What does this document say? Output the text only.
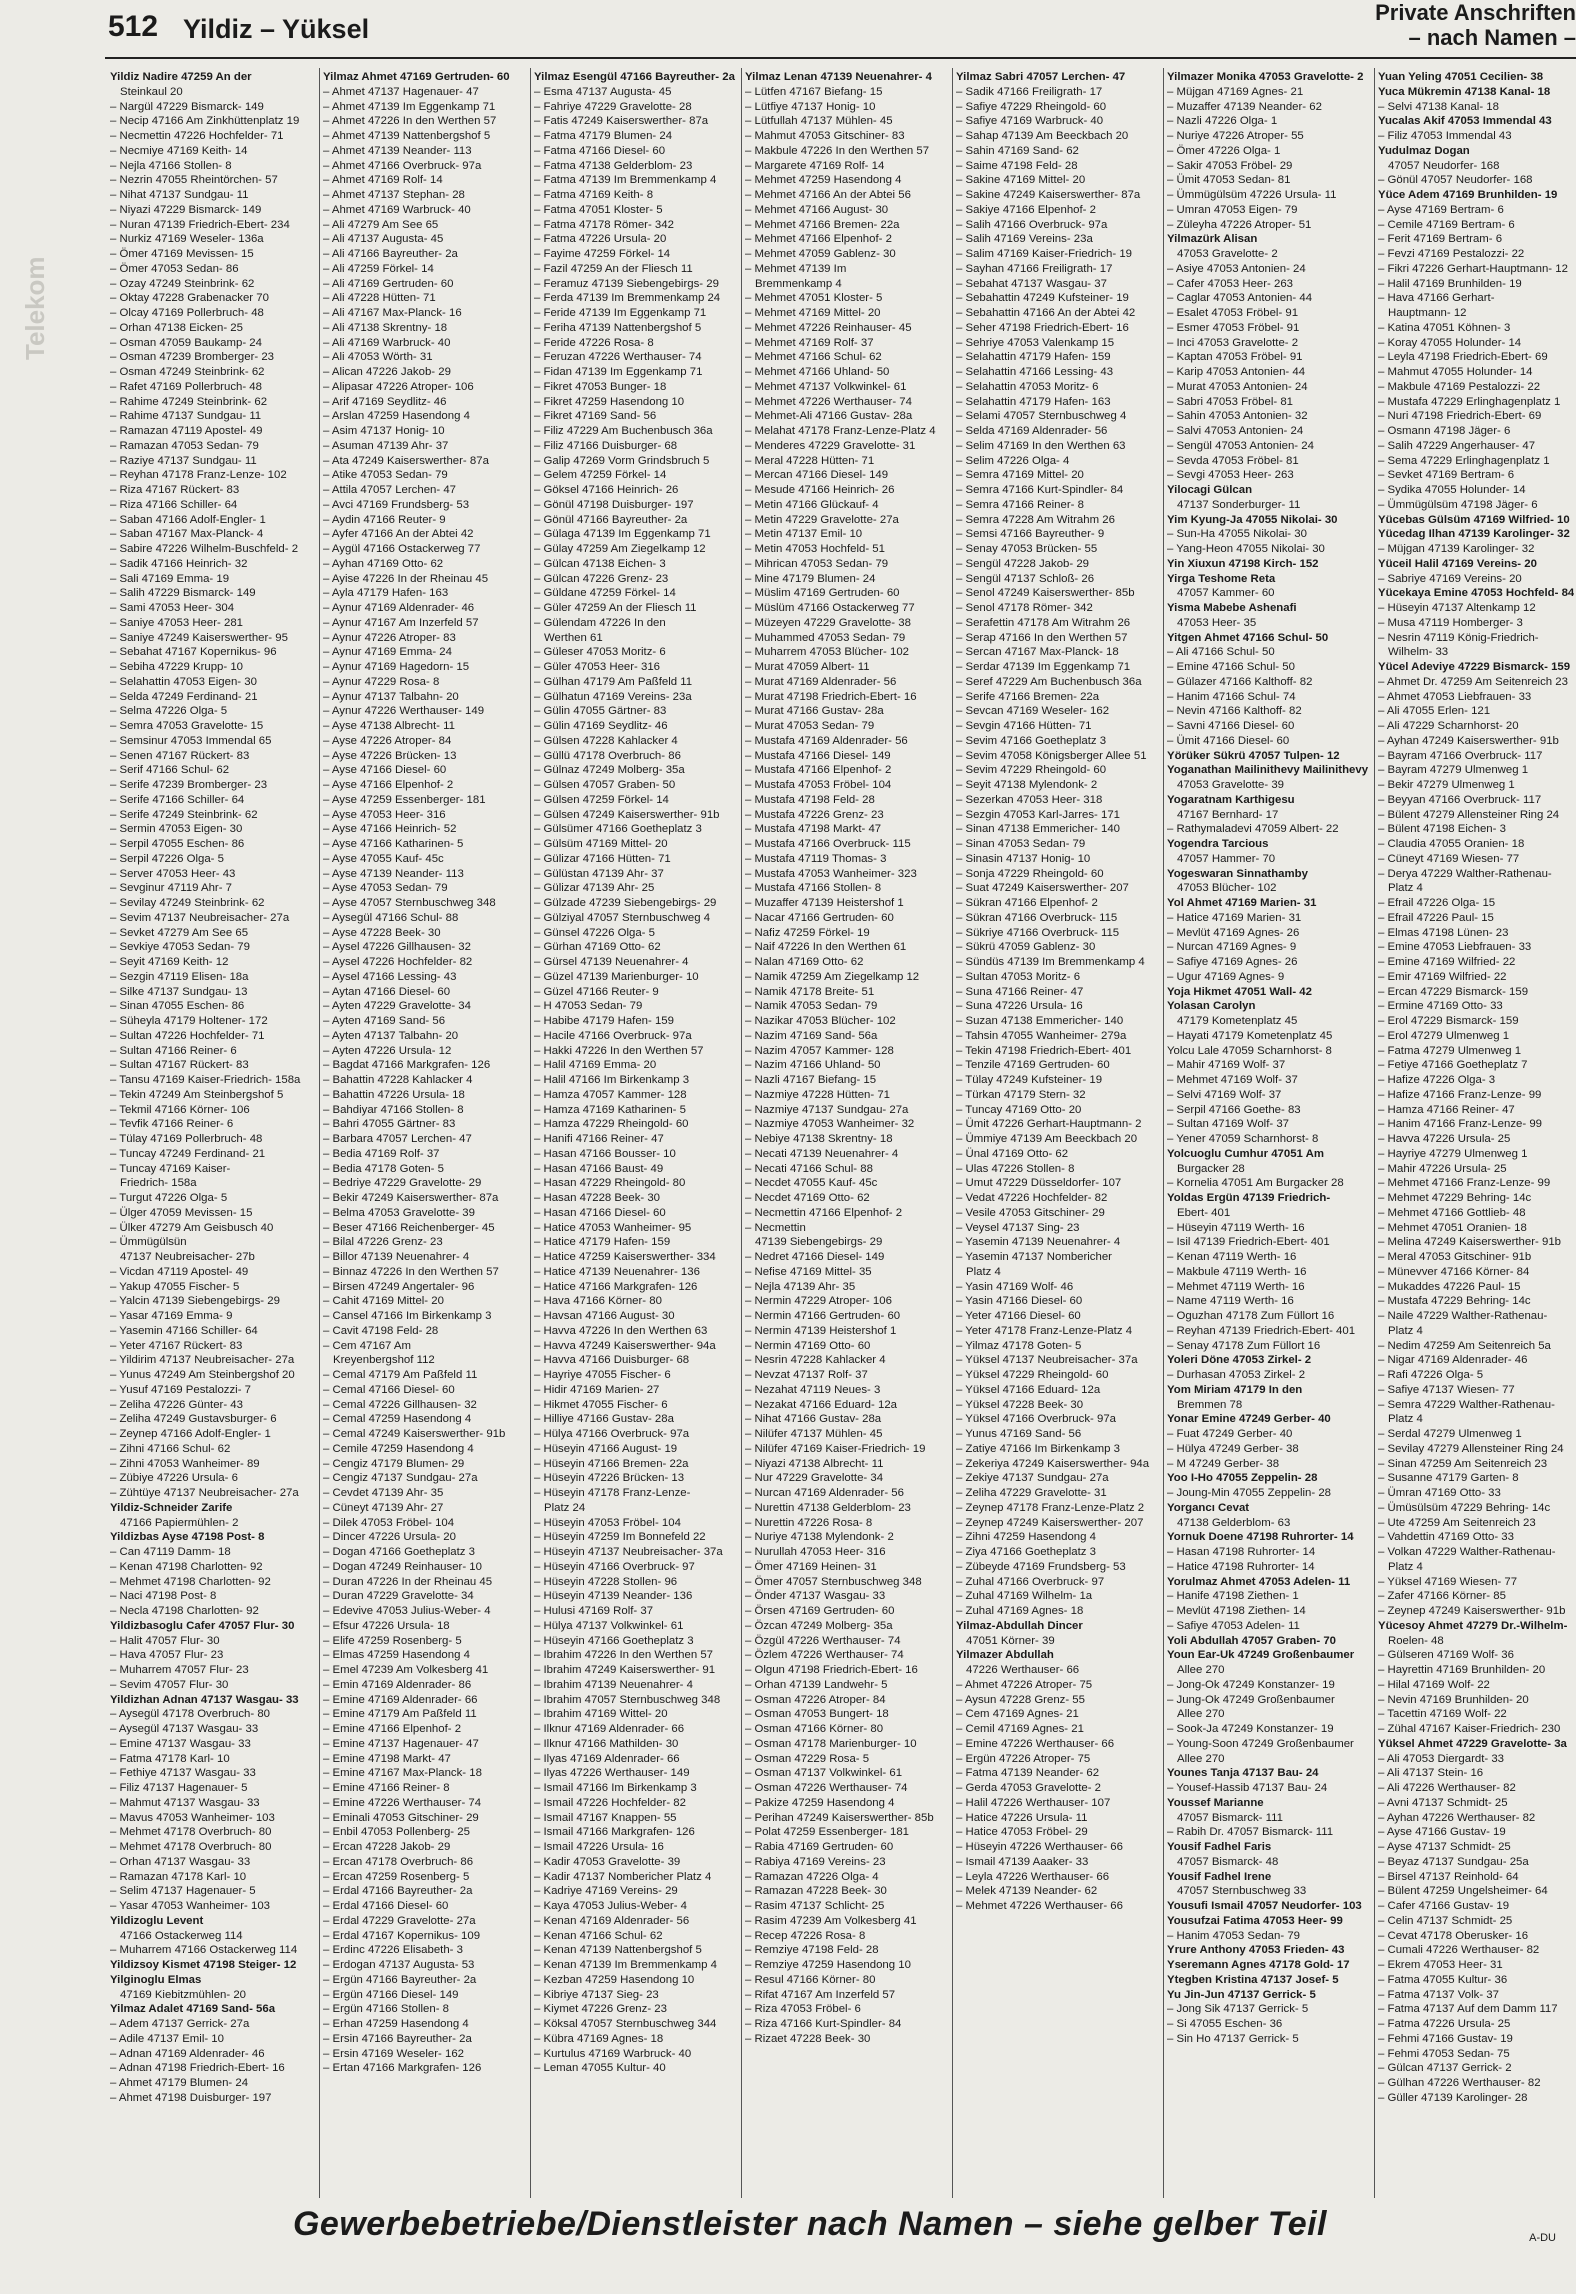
Telekom
512 Yildiz – Yüksel
Private Anschriften
– nach Namen –
Yildiz Nadire 47259 An der
Steinkaul 20
– Nargül 47229 Bismarck- 149
– Necip 47166 Am Zinkhüttenplatz 19
– Necmettin 47226 Hochfelder- 71
– Necmiye 47169 Keith- 14
– Nejla 47166 Stollen- 8
– Nezrin 47055 Rheintörchen- 57
– Nihat 47137 Sundgau- 11
– Niyazi 47229 Bismarck- 149
– Nuran 47139 Friedrich-Ebert- 234
– Nurkiz 47169 Weseler- 136a
– Ömer 47169 Mevissen- 15
– Ömer 47053 Sedan- 86
– Ozay 47249 Steinbrink- 62
– Oktay 47228 Grabenacker 70
– Olcay 47169 Pollerbruch- 48
– Orhan 47138 Eicken- 25
– Osman 47059 Baukamp- 24
– Osman 47239 Bromberger- 23
– Osman 47249 Steinbrink- 62
– Rafet 47169 Pollerbruch- 48
– Rahime 47249 Steinbrink- 62
– Rahime 47137 Sundgau- 11
– Ramazan 47119 Apostel- 49
– Ramazan 47053 Sedan- 79
– Raziye 47137 Sundgau- 11
– Reyhan 47178 Franz-Lenze- 102
– Riza 47167 Rückert- 83
– Riza 47166 Schiller- 64
– Saban 47166 Adolf-Engler- 1
– Saban 47167 Max-Planck- 4
– Sabire 47226 Wilhelm-Buschfeld- 2
– Sadik 47166 Heinrich- 32
– Sali 47169 Emma- 19
– Salih 47229 Bismarck- 149
– Sami 47053 Heer- 304
– Saniye 47053 Heer- 281
– Saniye 47249 Kaiserswerther- 95
– Sebahat 47167 Kopernikus- 96
– Sebiha 47229 Krupp- 10
– Selahattin 47053 Eigen- 30
– Selda 47249 Ferdinand- 21
– Selma 47226 Olga- 5
– Semra 47053 Gravelotte- 15
– Semsinur 47053 Immendal 65
– Senen 47167 Rückert- 83
– Serif 47166 Schul- 62
– Serife 47239 Bromberger- 23
– Serife 47166 Schiller- 64
– Serife 47249 Steinbrink- 62
– Sermin 47053 Eigen- 30
– Serpil 47055 Eschen- 86
– Serpil 47226 Olga- 5
– Server 47053 Heer- 43
– Sevginur 47119 Ahr- 7
– Sevilay 47249 Steinbrink- 62
– Sevim 47137 Neubreisacher- 27a
– Sevket 47279 Am See 65
– Sevkiye 47053 Sedan- 79
– Seyit 47169 Keith- 12
– Sezgin 47119 Elisen- 18a
– Silke 47137 Sundgau- 13
– Sinan 47055 Eschen- 86
– Süheyla 47179 Holtener- 172
– Sultan 47226 Hochfelder- 71
– Sultan 47166 Reiner- 6
– Sultan 47167 Rückert- 83
– Tansu 47169 Kaiser-Friedrich- 158a
– Tekin 47249 Am Steinbergshof 5
– Tekmil 47166 Körner- 106
– Tevfik 47166 Reiner- 6
– Tülay 47169 Pollerbruch- 48
– Tuncay 47249 Ferdinand- 21
– Tuncay 47169 Kaiser-
Friedrich- 158a
– Turgut 47226 Olga- 5
– Ülger 47059 Mevissen- 15
– Ülker 47279 Am Geisbusch 40
– Ümmügülsün
47137 Neubreisacher- 27b
– Vicdan 47119 Apostel- 49
– Yakup 47055 Fischer- 5
– Yalcin 47139 Siebengebirgs- 29
– Yasar 47169 Emma- 9
– Yasemin 47166 Schiller- 64
– Yeter 47167 Rückert- 83
– Yildirim 47137 Neubreisacher- 27a
– Yunus 47249 Am Steinbergshof 20
– Yusuf 47169 Pestalozzi- 7
– Zeliha 47226 Günter- 43
– Zeliha 47249 Gustavsburger- 6
– Zeynep 47166 Adolf-Engler- 1
– Zihni 47166 Schul- 62
– Zihni 47053 Wanheimer- 89
– Zübiye 47226 Ursula- 6
– Zühtüye 47137 Neubreisacher- 27a
Yildiz-Schneider Zarife
47166 Papiermühlen- 2
Yildizbas Ayse 47198 Post- 8
– Can 47119 Damm- 18
– Kenan 47198 Charlotten- 92
– Mehmet 47198 Charlotten- 92
– Naci 47198 Post- 8
– Necla 47198 Charlotten- 92
Yildizbasoglu Cafer 47057 Flur- 30
– Halit 47057 Flur- 30
– Hava 47057 Flur- 23
– Muharrem 47057 Flur- 23
– Sevim 47057 Flur- 30
Yildizhan Adnan 47137 Wasgau- 33
– Aysegül 47178 Overbruch- 80
– Aysegül 47137 Wasgau- 33
– Emine 47137 Wasgau- 33
– Fatma 47178 Karl- 10
– Fethiye 47137 Wasgau- 33
– Filiz 47137 Hagenauer- 5
– Mahmut 47137 Wasgau- 33
– Mavus 47053 Wanheimer- 103
– Mehmet 47178 Overbruch- 80
– Mehmet 47178 Overbruch- 80
– Orhan 47137 Wasgau- 33
– Ramazan 47178 Karl- 10
– Selim 47137 Hagenauer- 5
– Yasar 47053 Wanheimer- 103
Yildizoglu Levent
47166 Ostackerweg 114
– Muharrem 47166 Ostackerweg 114
Yildizsoy Kismet 47198 Steiger- 12
Yilginoglu Elmas
47169 Kiebitzmühlen- 20
Yilmaz Adalet 47169 Sand- 56a
– Adem 47137 Gerrick- 27a
– Adile 47137 Emil- 10
– Adnan 47169 Aldenrader- 46
– Adnan 47198 Friedrich-Ebert- 16
– Ahmet 47179 Blumen- 24
– Ahmet 47198 Duisburger- 197
Yilmaz Ahmet 47169 Gertruden- 60
– Ahmet 47137 Hagenauer- 47
– Ahmet 47139 Im Eggenkamp 71
– Ahmet 47226 In den Werthen 57
– Ahmet 47139 Nattenbergshof 5
– Ahmet 47139 Neander- 113
– Ahmet 47166 Overbruck- 97a
– Ahmet 47169 Rolf- 14
– Ahmet 47137 Stephan- 28
– Ahmet 47169 Warbruck- 40
– Ali 47279 Am See 65
– Ali 47137 Augusta- 45
– Ali 47166 Bayreuther- 2a
– Ali 47259 Förkel- 14
– Ali 47169 Gertruden- 60
– Ali 47228 Hütten- 71
– Ali 47167 Max-Planck- 16
– Ali 47138 Skrentny- 18
– Ali 47169 Warbruck- 40
– Ali 47053 Wörth- 31
– Alican 47226 Jakob- 29
– Alipasar 47226 Atroper- 106
– Arif 47169 Seydlitz- 46
– Arslan 47259 Hasendong 4
– Asim 47137 Honig- 10
– Asuman 47139 Ahr- 37
– Ata 47249 Kaiserswerther- 87a
– Atike 47053 Sedan- 79
– Attila 47057 Lerchen- 47
– Avci 47169 Frundsberg- 53
– Aydin 47166 Reuter- 9
– Ayfer 47166 An der Abtei 42
– Aygül 47166 Ostackerweg 77
– Ayhan 47169 Otto- 62
– Ayise 47226 In der Rheinau 45
– Ayla 47179 Hafen- 163
– Aynur 47169 Aldenrader- 46
– Aynur 47167 Am Inzerfeld 57
– Aynur 47226 Atroper- 83
– Aynur 47169 Emma- 24
– Aynur 47169 Hagedorn- 15
– Aynur 47229 Rosa- 8
– Aynur 47137 Talbahn- 20
– Aynur 47226 Werthauser- 149
– Ayse 47138 Albrecht- 11
– Ayse 47226 Atroper- 84
– Ayse 47226 Brücken- 13
– Ayse 47166 Diesel- 60
– Ayse 47166 Elpenhof- 2
– Ayse 47259 Essenberger- 181
– Ayse 47053 Heer- 316
– Ayse 47166 Heinrich- 52
– Ayse 47166 Katharinen- 5
– Ayse 47055 Kauf- 45c
– Ayse 47139 Neander- 113
– Ayse 47053 Sedan- 79
– Ayse 47057 Sternbuschweg 348
– Aysegül 47166 Schul- 88
– Ayse 47228 Beek- 30
– Aysel 47226 Gillhausen- 32
– Aysel 47226 Hochfelder- 82
– Aysel 47166 Lessing- 43
– Aytan 47166 Diesel- 60
– Ayten 47229 Gravelotte- 34
– Ayten 47169 Sand- 56
– Ayten 47137 Talbahn- 20
– Ayten 47226 Ursula- 12
– Bagdat 47166 Markgrafen- 126
– Bahattin 47228 Kahlacker 4
– Bahattin 47226 Ursula- 18
– Bahdiyar 47166 Stollen- 8
– Bahri 47055 Gärtner- 83
– Barbara 47057 Lerchen- 47
– Bedia 47169 Rolf- 37
– Bedia 47178 Goten- 5
– Bedriye 47229 Gravelotte- 29
– Bekir 47249 Kaiserswerther- 87a
– Belma 47053 Gravelotte- 39
– Beser 47166 Reichenberger- 45
– Bilal 47226 Grenz- 23
– Billor 47139 Neuenahrer- 4
– Binnaz 47226 In den Werthen 57
– Birsen 47249 Angertaler- 96
– Cahit 47169 Mittel- 20
– Cansel 47166 Im Birkenkamp 3
– Cavit 47198 Feld- 28
– Cem 47167 Am
Kreyenbergshof 112
– Cemal 47179 Am Paßfeld 11
– Cemal 47166 Diesel- 60
– Cemal 47226 Gillhausen- 32
– Cemal 47259 Hasendong 4
– Cemal 47249 Kaiserswerther- 91b
– Cemile 47259 Hasendong 4
– Cengiz 47179 Blumen- 29
– Cengiz 47137 Sundgau- 27a
– Cevdet 47139 Ahr- 35
– Cüneyt 47139 Ahr- 27
– Dilek 47053 Fröbel- 104
– Dincer 47226 Ursula- 20
– Dogan 47166 Goetheplatz 3
– Dogan 47249 Reinhauser- 10
– Duran 47226 In der Rheinau 45
– Duran 47229 Gravelotte- 34
– Edevive 47053 Julius-Weber- 4
– Efsur 47226 Ursula- 18
– Elife 47259 Rosenberg- 5
– Elmas 47259 Hasendong 4
– Emel 47239 Am Volkesberg 41
– Emin 47169 Aldenrader- 86
– Emine 47169 Aldenrader- 66
– Emine 47179 Am Paßfeld 11
– Emine 47166 Elpenhof- 2
– Emine 47137 Hagenauer- 47
– Emine 47198 Markt- 47
– Emine 47167 Max-Planck- 18
– Emine 47166 Reiner- 8
– Emine 47226 Werthauser- 74
– Eminali 47053 Gitschiner- 29
– Enbil 47053 Pollenberg- 25
– Ercan 47228 Jakob- 29
– Ercan 47178 Overbruch- 86
– Ercan 47259 Rosenberg- 5
– Erdal 47166 Bayreuther- 2a
– Erdal 47166 Diesel- 60
– Erdal 47229 Gravelotte- 27a
– Erdal 47167 Kopernikus- 109
– Erdinc 47226 Elisabeth- 3
– Erdogan 47137 Augusta- 53
– Ergün 47166 Bayreuther- 2a
– Ergün 47166 Diesel- 149
– Ergün 47166 Stollen- 8
– Erhan 47259 Hasendong 4
– Ersin 47166 Bayreuther- 2a
– Ersin 47169 Weseler- 162
– Ertan 47166 Markgrafen- 126
Yilmaz Esengül 47166 Bayreuther- 2a
– Esma 47137 Augusta- 45
– Fahriye 47229 Gravelotte- 28
– Fatis 47249 Kaiserswerther- 87a
– Fatma 47179 Blumen- 24
– Fatma 47166 Diesel- 60
– Fatma 47138 Gelderblom- 23
– Fatma 47139 Im Bremmenkamp 4
– Fatma 47169 Keith- 8
– Fatma 47051 Kloster- 5
– Fatma 47178 Römer- 342
– Fatma 47226 Ursula- 20
– Fayime 47259 Förkel- 14
– Fazil 47259 An der Fliesch 11
– Feramuz 47139 Siebengebirgs- 29
– Ferda 47139 Im Bremmenkamp 24
– Feride 47139 Im Eggenkamp 71
– Feriha 47139 Nattenbergshof 5
– Feride 47226 Rosa- 8
– Feruzan 47226 Werthauser- 74
– Fidan 47139 Im Eggenkamp 71
– Fikret 47053 Bunger- 18
– Fikret 47259 Hasendong 10
– Fikret 47169 Sand- 56
– Filiz 47229 Am Buchenbusch 36a
– Filiz 47166 Duisburger- 68
– Galip 47269 Vorm Grindsbruch 5
– Gelem 47259 Förkel- 14
– Göksel 47166 Heinrich- 26
– Gönül 47198 Duisburger- 197
– Gönül 47166 Bayreuther- 2a
– Gülaga 47139 Im Eggenkamp 71
– Gülay 47259 Am Ziegelkamp 12
– Gülcan 47138 Eichen- 3
– Gülcan 47226 Grenz- 23
– Güldane 47259 Förkel- 14
– Güler 47259 An der Fliesch 11
– Gülendam 47226 In den
Werthen 61
– Güleser 47053 Moritz- 6
– Güler 47053 Heer- 316
– Gülhan 47179 Am Paßfeld 11
– Gülhatun 47169 Vereins- 23a
– Gülin 47055 Gärtner- 83
– Gülin 47169 Seydlitz- 46
– Gülsen 47228 Kahlacker 4
– Güllü 47178 Overbruch- 86
– Gülnaz 47249 Molberg- 35a
– Gülsen 47057 Graben- 50
– Gülsen 47259 Förkel- 14
– Gülsen 47249 Kaiserswerther- 91b
– Gülsümer 47166 Goetheplatz 3
– Gülsüm 47169 Mittel- 20
– Gülizar 47166 Hütten- 71
– Gülüstan 47139 Ahr- 37
– Gülizar 47139 Ahr- 25
– Gülzade 47239 Siebengebirgs- 29
– Gülziyal 47057 Sternbuschweg 4
– Günsel 47226 Olga- 5
– Gürhan 47169 Otto- 62
– Gürsel 47139 Neuenahrer- 4
– Güzel 47139 Marienburger- 10
– Güzel 47166 Reuter- 9
– H 47053 Sedan- 79
– Habibe 47179 Hafen- 159
– Hacile 47166 Overbruck- 97a
– Hakki 47226 In den Werthen 57
– Halil 47169 Emma- 20
– Halil 47166 Im Birkenkamp 3
– Hamza 47057 Kammer- 128
– Hamza 47169 Katharinen- 5
– Hamza 47229 Rheingold- 60
– Hanifi 47166 Reiner- 47
– Hasan 47166 Bousser- 10
– Hasan 47166 Baust- 49
– Hasan 47229 Rheingold- 80
– Hasan 47228 Beek- 30
– Hasan 47166 Diesel- 60
– Hatice 47053 Wanheimer- 95
– Hatice 47179 Hafen- 159
– Hatice 47259 Kaiserswerther- 334
– Hatice 47139 Neuenahrer- 136
– Hatice 47166 Markgrafen- 126
– Hava 47166 Körner- 80
– Havsan 47166 August- 30
– Havva 47226 In den Werthen 63
– Havva 47249 Kaiserswerther- 94a
– Havva 47166 Duisburger- 68
– Hayriye 47055 Fischer- 6
– Hidir 47169 Marien- 27
– Hikmet 47055 Fischer- 6
– Hilliye 47166 Gustav- 28a
– Hülya 47166 Overbruck- 97a
– Hüseyin 47166 August- 19
– Hüseyin 47166 Bremen- 22a
– Hüseyin 47226 Brücken- 13
– Hüseyin 47178 Franz-Lenze-
Platz 24
– Hüseyin 47053 Fröbel- 104
– Hüseyin 47259 Im Bonnefeld 22
– Hüseyin 47137 Neubreisacher- 37a
– Hüseyin 47166 Overbruck- 97
– Hüseyin 47228 Stollen- 96
– Hüseyin 47139 Neander- 136
– Hulusi 47169 Rolf- 37
– Hülya 47137 Volkwinkel- 61
– Hüseyin 47166 Goetheplatz 3
– Ibrahim 47226 In den Werthen 57
– Ibrahim 47249 Kaiserswerther- 91
– Ibrahim 47139 Neuenahrer- 4
– Ibrahim 47057 Sternbuschweg 348
– Ibrahim 47169 Wittel- 20
– Ilknur 47169 Aldenrader- 66
– Ilknur 47166 Mathilden- 30
– Ilyas 47169 Aldenrader- 66
– Ilyas 47226 Werthauser- 149
– Ismail 47166 Im Birkenkamp 3
– Ismail 47226 Hochfelder- 82
– Ismail 47167 Knappen- 55
– Ismail 47166 Markgrafen- 126
– Ismail 47226 Ursula- 16
– Kadir 47053 Gravelotte- 39
– Kadir 47137 Nombericher Platz 4
– Kadriye 47169 Vereins- 29
– Kaya 47053 Julius-Weber- 4
– Kenan 47169 Aldenrader- 56
– Kenan 47166 Schul- 62
– Kenan 47139 Nattenbergshof 5
– Kenan 47139 Im Bremmenkamp 4
– Kezban 47259 Hasendong 10
– Kibriye 47137 Sieg- 23
– Kiymet 47226 Grenz- 23
– Köksal 47057 Sternbuschweg 344
– Kübra 47169 Agnes- 18
– Kurtulus 47169 Warbruck- 40
– Leman 47055 Kultur- 40
Yilmaz Lenan 47139 Neuenahrer- 4
– Lütfen 47167 Biefang- 15
– Lütfiye 47137 Honig- 10
– Lütfullah 47137 Mühlen- 45
– Mahmut 47053 Gitschiner- 83
– Makbule 47226 In den Werthen 57
– Margarete 47169 Rolf- 14
– Mehmet 47259 Hasendong 4
– Mehmet 47166 An der Abtei 56
– Mehmet 47166 August- 30
– Mehmet 47166 Bremen- 22a
– Mehmet 47166 Elpenhof- 2
– Mehmet 47059 Gablenz- 30
– Mehmet 47139 Im
Bremmenkamp 4
– Mehmet 47051 Kloster- 5
– Mehmet 47169 Mittel- 20
– Mehmet 47226 Reinhauser- 45
– Mehmet 47169 Rolf- 37
– Mehmet 47166 Schul- 62
– Mehmet 47166 Uhland- 50
– Mehmet 47137 Volkwinkel- 61
– Mehmet 47226 Werthauser- 74
– Mehmet-Ali 47166 Gustav- 28a
– Melahat 47178 Franz-Lenze-Platz 4
– Menderes 47229 Gravelotte- 31
– Meral 47228 Hütten- 71
– Mercan 47166 Diesel- 149
– Mesude 47166 Heinrich- 26
– Metin 47166 Glückauf- 4
– Metin 47229 Gravelotte- 27a
– Metin 47137 Emil- 10
– Metin 47053 Hochfeld- 51
– Mihrican 47053 Sedan- 79
– Mine 47179 Blumen- 24
– Müslim 47169 Gertruden- 60
– Müslüm 47166 Ostackerweg 77
– Müzeyen 47229 Gravelotte- 38
– Muhammed 47053 Sedan- 79
– Muharrem 47053 Blücher- 102
– Murat 47059 Albert- 11
– Murat 47169 Aldenrader- 56
– Murat 47198 Friedrich-Ebert- 16
– Murat 47166 Gustav- 28a
– Murat 47053 Sedan- 79
– Mustafa 47169 Aldenrader- 56
– Mustafa 47166 Diesel- 149
– Mustafa 47166 Elpenhof- 2
– Mustafa 47053 Fröbel- 104
– Mustafa 47198 Feld- 28
– Mustafa 47226 Grenz- 23
– Mustafa 47198 Markt- 47
– Mustafa 47166 Overbruck- 115
– Mustafa 47119 Thomas- 3
– Mustafa 47053 Wanheimer- 323
– Mustafa 47166 Stollen- 8
– Muzaffer 47139 Heistershof 1
– Nacar 47166 Gertruden- 60
– Nafiz 47259 Förkel- 19
– Naif 47226 In den Werthen 61
– Nalan 47169 Otto- 62
– Namik 47259 Am Ziegelkamp 12
– Namik 47178 Breite- 51
– Namik 47053 Sedan- 79
– Nazikar 47053 Blücher- 102
– Nazim 47169 Sand- 56a
– Nazim 47057 Kammer- 128
– Nazim 47166 Uhland- 50
– Nazli 47167 Biefang- 15
– Nazmiye 47228 Hütten- 71
– Nazmiye 47137 Sundgau- 27a
– Nazmiye 47053 Wanheimer- 32
– Nebiye 47138 Skrentny- 18
– Necati 47139 Neuenahrer- 4
– Necati 47166 Schul- 88
– Necdet 47055 Kauf- 45c
– Necdet 47169 Otto- 62
– Necmettin 47166 Elpenhof- 2
– Necmettin
47139 Siebengebirgs- 29
– Nedret 47166 Diesel- 149
– Nefise 47169 Mittel- 35
– Nejla 47139 Ahr- 35
– Nermin 47229 Atroper- 106
– Nermin 47166 Gertruden- 60
– Nermin 47139 Heistershof 1
– Nermin 47169 Otto- 60
– Nesrin 47228 Kahlacker 4
– Nevzat 47137 Rolf- 37
– Nezahat 47119 Neues- 3
– Nezakat 47166 Eduard- 12a
– Nihat 47166 Gustav- 28a
– Nilüfer 47137 Mühlen- 45
– Nilüfer 47169 Kaiser-Friedrich- 19
– Niyazi 47138 Albrecht- 11
– Nur 47229 Gravelotte- 34
– Nurcan 47169 Aldenrader- 56
– Nurettin 47138 Gelderblom- 23
– Nurettin 47226 Rosa- 8
– Nuriye 47138 Mylendonk- 2
– Nurullah 47053 Heer- 316
– Ömer 47169 Heinen- 31
– Ömer 47057 Sternbuschweg 348
– Önder 47137 Wasgau- 33
– Örsen 47169 Gertruden- 60
– Özcan 47249 Molberg- 35a
– Özgül 47226 Werthauser- 74
– Özlem 47226 Werthauser- 74
– Olgun 47198 Friedrich-Ebert- 16
– Orhan 47139 Landwehr- 5
– Osman 47226 Atroper- 84
– Osman 47053 Bungert- 18
– Osman 47166 Körner- 80
– Osman 47178 Marienburger- 10
– Osman 47229 Rosa- 5
– Osman 47137 Volkwinkel- 61
– Osman 47226 Werthauser- 74
– Pakize 47259 Hasendong 4
– Perihan 47249 Kaiserswerther- 85b
– Polat 47259 Essenberger- 181
– Rabia 47169 Gertruden- 60
– Rabiya 47169 Vereins- 23
– Ramazan 47226 Olga- 4
– Ramazan 47228 Beek- 30
– Rasim 47137 Schlicht- 25
– Rasim 47239 Am Volkesberg 41
– Recep 47226 Rosa- 8
– Remziye 47198 Feld- 28
– Remziye 47259 Hasendong 10
– Resul 47166 Körner- 80
– Rifat 47167 Am Inzerfeld 57
– Riza 47053 Fröbel- 6
– Riza 47166 Kurt-Spindler- 84
– Rizaet 47228 Beek- 30
Yilmaz Sabri 47057 Lerchen- 47
– Sadik 47166 Freiligrath- 17
– Safiye 47229 Rheingold- 60
– Safiye 47169 Warbruck- 40
– Sahap 47139 Am Beeckbach 20
– Sahin 47169 Sand- 62
– Saime 47198 Feld- 28
– Sakine 47169 Mittel- 20
– Sakine 47249 Kaiserswerther- 87a
– Sakiye 47166 Elpenhof- 2
– Salih 47166 Overbruck- 97a
– Salih 47169 Vereins- 23a
– Salim 47169 Kaiser-Friedrich- 19
– Sayhan 47166 Freiligrath- 17
– Sebahat 47137 Wasgau- 37
– Sebahattin 47249 Kufsteiner- 19
– Sebahattin 47166 An der Abtei 42
– Seher 47198 Friedrich-Ebert- 16
– Sehriye 47053 Valenkamp 15
– Selahattin 47179 Hafen- 159
– Selahattin 47166 Lessing- 43
– Selahattin 47053 Moritz- 6
– Selahattin 47179 Hafen- 163
– Selami 47057 Sternbuschweg 4
– Selda 47169 Aldenrader- 56
– Selim 47169 In den Werthen 63
– Selim 47226 Olga- 4
– Semra 47169 Mittel- 20
– Semra 47166 Kurt-Spindler- 84
– Semra 47166 Reiner- 8
– Semra 47228 Am Witrahm 26
– Semsi 47166 Bayreuther- 9
– Senay 47053 Brücken- 55
– Sengül 47228 Jakob- 29
– Sengül 47137 Schloß- 26
– Senol 47249 Kaiserswerther- 85b
– Senol 47178 Römer- 342
– Serafettin 47178 Am Witrahm 26
– Serap 47166 In den Werthen 57
– Sercan 47167 Max-Planck- 18
– Serdar 47139 Im Eggenkamp 71
– Seref 47229 Am Buchenbusch 36a
– Serife 47166 Bremen- 22a
– Sevcan 47169 Weseler- 162
– Sevgin 47166 Hütten- 71
– Sevim 47166 Goetheplatz 3
– Sevim 47058 Königsberger Allee 51
– Sevim 47229 Rheingold- 60
– Seyit 47138 Mylendonk- 2
– Sezerkan 47053 Heer- 318
– Sezgin 47053 Karl-Jarres- 171
– Sinan 47138 Emmericher- 140
– Sinan 47053 Sedan- 79
– Sinasin 47137 Honig- 10
– Sonja 47229 Rheingold- 60
– Suat 47249 Kaiserswerther- 207
– Sükran 47166 Elpenhof- 2
– Sükran 47166 Overbruck- 115
– Sükriye 47166 Overbruck- 115
– Sükrü 47059 Gablenz- 30
– Sündüs 47139 Im Bremmenkamp 4
– Sultan 47053 Moritz- 6
– Suna 47166 Reiner- 47
– Suna 47226 Ursula- 16
– Suzan 47138 Emmericher- 140
– Tahsin 47055 Wanheimer- 279a
– Tekin 47198 Friedrich-Ebert- 401
– Tenzile 47169 Gertruden- 60
– Tülay 47249 Kufsteiner- 19
– Türkan 47179 Stern- 32
– Tuncay 47169 Otto- 20
– Ümit 47226 Gerhart-Hauptmann- 2
– Ümmiye 47139 Am Beeckbach 20
– Ünal 47169 Otto- 62
– Ulas 47226 Stollen- 8
– Umut 47229 Düsseldorfer- 107
– Vedat 47226 Hochfelder- 82
– Vesile 47053 Gitschiner- 29
– Veysel 47137 Sing- 23
– Yasemin 47139 Neuenahrer- 4
– Yasemin 47137 Nombericher
Platz 4
– Yasin 47169 Wolf- 46
– Yasin 47166 Diesel- 60
– Yeter 47166 Diesel- 60
– Yeter 47178 Franz-Lenze-Platz 4
– Yilmaz 47178 Goten- 5
– Yüksel 47137 Neubreisacher- 37a
– Yüksel 47229 Rheingold- 60
– Yüksel 47166 Eduard- 12a
– Yüksel 47228 Beek- 30
– Yüksel 47166 Overbruck- 97a
– Yunus 47169 Sand- 56
– Zatiye 47166 Im Birkenkamp 3
– Zekeriya 47249 Kaiserswerther- 94a
– Zekiye 47137 Sundgau- 27a
– Zeliha 47229 Gravelotte- 31
– Zeynep 47178 Franz-Lenze-Platz 2
– Zeynep 47249 Kaiserswerther- 207
– Zihni 47259 Hasendong 4
– Ziya 47166 Goetheplatz 3
– Zübeyde 47169 Frundsberg- 53
– Zuhal 47166 Overbruck- 97
– Zuhal 47169 Wilhelm- 1a
– Zuhal 47169 Agnes- 18
Yilmaz-Abdullah Dincer
47051 Körner- 39
Yilmazer Abdullah
47226 Werthauser- 66
– Ahmet 47226 Atroper- 75
– Aysun 47228 Grenz- 55
– Cem 47169 Agnes- 21
– Cemil 47169 Agnes- 21
– Emine 47226 Werthauser- 66
– Ergün 47226 Atroper- 75
– Fatma 47139 Neander- 62
– Gerda 47053 Gravelotte- 2
– Halil 47226 Werthauser- 107
– Hatice 47226 Ursula- 11
– Hatice 47053 Fröbel- 29
– Hüseyin 47226 Werthauser- 66
– Ismail 47139 Aaaker- 33
– Leyla 47226 Werthauser- 66
– Melek 47139 Neander- 62
– Mehmet 47226 Werthauser- 66
Yilmazer Monika 47053 Gravelotte- 2
– Müjgan 47169 Agnes- 21
– Muzaffer 47139 Neander- 62
– Nazli 47226 Olga- 1
– Nuriye 47226 Atroper- 55
– Ömer 47226 Olga- 1
– Sakir 47053 Fröbel- 29
– Ümit 47053 Sedan- 81
– Ümmügülsüm 47226 Ursula- 11
– Umran 47053 Eigen- 79
– Züleyha 47226 Atroper- 51
Yilmazürk Alisan
47053 Gravelotte- 2
– Asiye 47053 Antonien- 24
– Cafer 47053 Heer- 263
– Caglar 47053 Antonien- 44
– Esalet 47053 Fröbel- 91
– Esmer 47053 Fröbel- 91
– Inci 47053 Gravelotte- 2
– Kaptan 47053 Fröbel- 91
– Karip 47053 Antonien- 44
– Murat 47053 Antonien- 24
– Sabri 47053 Fröbel- 81
– Sahin 47053 Antonien- 32
– Salvi 47053 Antonien- 24
– Sengül 47053 Antonien- 24
– Sevda 47053 Fröbel- 81
– Sevgi 47053 Heer- 263
Yilocagi Gülcan
47137 Sonderburger- 11
Yim Kyung-Ja 47055 Nikolai- 30
– Sun-Ha 47055 Nikolai- 30
– Yang-Heon 47055 Nikolai- 30
Yin Xiuxun 47198 Kirch- 152
Yirga Teshome Reta
47057 Kammer- 60
Yisma Mabebe Ashenafi
47053 Heer- 35
Yitgen Ahmet 47166 Schul- 50
– Ali 47166 Schul- 50
– Emine 47166 Schul- 50
– Gülazer 47166 Kalthoff- 82
– Hanim 47166 Schul- 74
– Nevin 47166 Kalthoff- 82
– Savni 47166 Diesel- 60
– Ümit 47166 Diesel- 60
Yörüker Sükrü 47057 Tulpen- 12
Yoganathan Mailinithevy Mailinithevy
47053 Gravelotte- 39
Yogaratnam Karthigesu
47167 Bernhard- 17
– Rathymaladevi 47059 Albert- 22
Yogendra Tarcious
47057 Hammer- 70
Yogeswaran Sinnathamby
47053 Blücher- 102
Yol Ahmet 47169 Marien- 31
– Hatice 47169 Marien- 31
– Mevlüt 47169 Agnes- 26
– Nurcan 47169 Agnes- 9
– Safiye 47169 Agnes- 26
– Ugur 47169 Agnes- 9
Yoja Hikmet 47051 Wall- 42
Yolasan Carolyn
47179 Kometenplatz 45
– Hayati 47179 Kometenplatz 45
Yolcu Lale 47059 Scharnhorst- 8
– Mahir 47169 Wolf- 37
– Mehmet 47169 Wolf- 37
– Selvi 47169 Wolf- 37
– Serpil 47166 Goethe- 83
– Sultan 47169 Wolf- 37
– Yener 47059 Scharnhorst- 8
Yolcuoglu Cumhur 47051 Am
Burgacker 28
– Kornelia 47051 Am Burgacker 28
Yoldas Ergün 47139 Friedrich-
Ebert- 401
– Hüseyin 47119 Werth- 16
– Isil 47139 Friedrich-Ebert- 401
– Kenan 47119 Werth- 16
– Makbule 47119 Werth- 16
– Mehmet 47119 Werth- 16
– Name 47119 Werth- 16
– Oguzhan 47178 Zum Füllort 16
– Reyhan 47139 Friedrich-Ebert- 401
– Senay 47178 Zum Füllort 16
Yoleri Döne 47053 Zirkel- 2
– Durhasan 47053 Zirkel- 2
Yom Miriam 47179 In den
Bremmen 78
Yonar Emine 47249 Gerber- 40
– Fuat 47249 Gerber- 40
– Hülya 47249 Gerber- 38
– M 47249 Gerber- 38
Yoo I-Ho 47055 Zeppelin- 28
– Joung-Min 47055 Zeppelin- 28
Yorgancı Cevat
47138 Gelderblom- 63
Yornuk Doene 47198 Ruhrorter- 14
– Hasan 47198 Ruhrorter- 14
– Hatice 47198 Ruhrorter- 14
Yorulmaz Ahmet 47053 Adelen- 11
– Hanife 47198 Ziethen- 1
– Mevlüt 47198 Ziethen- 14
– Safiye 47053 Adelen- 11
Yoli Abdullah 47057 Graben- 70
Youn Ear-Uk 47249 Großenbaumer
Allee 270
– Jong-Ok 47249 Konstanzer- 19
– Jung-Ok 47249 Großenbaumer
Allee 270
– Sook-Ja 47249 Konstanzer- 19
– Young-Soon 47249 Großenbaumer
Allee 270
Younes Tanja 47137 Bau- 24
– Yousef-Hassib 47137 Bau- 24
Youssef Marianne
47057 Bismarck- 111
– Rabih Dr. 47057 Bismarck- 111
Yousif Fadhel Faris
47057 Bismarck- 48
Yousif Fadhel Irene
47057 Sternbuschweg 33
Yousufi Ismail 47057 Neudorfer- 103
Yousufzai Fatima 47053 Heer- 99
– Hanim 47053 Sedan- 79
Yrure Anthony 47053 Frieden- 43
Yseremann Agnes 47178 Gold- 17
Ytegben Kristina 47137 Josef- 5
Yu Jin-Jun 47137 Gerrick- 5
– Jong Sik 47137 Gerrick- 5
– Si 47055 Eschen- 36
– Sin Ho 47137 Gerrick- 5
Yuan Yeling 47051 Cecilien- 38
Yuca Mükremin 47138 Kanal- 18
– Selvi 47138 Kanal- 18
Yucalas Akif 47053 Immendal 43
– Filiz 47053 Immendal 43
Yudulmaz Dogan
47057 Neudorfer- 168
– Gönül 47057 Neudorfer- 168
Yüce Adem 47169 Brunhilden- 19
– Ayse 47169 Bertram- 6
– Cemile 47169 Bertram- 6
– Ferit 47169 Bertram- 6
– Fevzi 47169 Pestalozzi- 22
– Fikri 47226 Gerhart-Hauptmann- 12
– Halil 47169 Brunhilden- 19
– Hava 47166 Gerhart-
Hauptmann- 12
– Katina 47051 Köhnen- 3
– Koray 47055 Holunder- 14
– Leyla 47198 Friedrich-Ebert- 69
– Mahmut 47055 Holunder- 14
– Makbule 47169 Pestalozzi- 22
– Mustafa 47229 Erlinghagenplatz 1
– Nuri 47198 Friedrich-Ebert- 69
– Osmann 47198 Jäger- 6
– Salih 47229 Angerhauser- 47
– Sema 47229 Erlinghagenplatz 1
– Sevket 47169 Bertram- 6
– Sydika 47055 Holunder- 14
– Ümmügülsüm 47198 Jäger- 6
Yücebas Gülsüm 47169 Wilfried- 10
Yücedag Ilhan 47139 Karolinger- 32
– Müjgan 47139 Karolinger- 32
Yüceil Halil 47169 Vereins- 20
– Sabriye 47169 Vereins- 20
Yücekaya Emine 47053 Hochfeld- 84
– Hüseyin 47137 Altenkamp 12
– Musa 47119 Homberger- 3
– Nesrin 47119 König-Friedrich-
Wilhelm- 33
Yücel Adeviye 47229 Bismarck- 159
– Ahmet Dr. 47259 Am Seitenreich 23
– Ahmet 47053 Liebfrauen- 33
– Ali 47055 Erlen- 121
– Ali 47229 Scharnhorst- 20
– Ayhan 47249 Kaiserswerther- 91b
– Bayram 47166 Overbruck- 117
– Bayram 47279 Ulmenweg 1
– Bekir 47279 Ulmenweg 1
– Beyyan 47166 Overbruck- 117
– Bülent 47279 Allensteiner Ring 24
– Bülent 47198 Eichen- 3
– Claudia 47055 Oranien- 18
– Cüneyt 47169 Wiesen- 77
– Derya 47229 Walther-Rathenau-
Platz 4
– Efrail 47226 Olga- 15
– Efrail 47226 Paul- 15
– Elmas 47198 Lünen- 23
– Emine 47053 Liebfrauen- 33
– Emine 47169 Wilfried- 22
– Emir 47169 Wilfried- 22
– Ercan 47229 Bismarck- 159
– Ermine 47169 Otto- 33
– Erol 47229 Bismarck- 159
– Erol 47279 Ulmenweg 1
– Fatma 47279 Ulmenweg 1
– Fetiye 47166 Goetheplatz 7
– Hafize 47226 Olga- 3
– Hafize 47166 Franz-Lenze- 99
– Hamza 47166 Reiner- 47
– Hanim 47166 Franz-Lenze- 99
– Havva 47226 Ursula- 25
– Hayriye 47279 Ulmenweg 1
– Mahir 47226 Ursula- 25
– Mehmet 47166 Franz-Lenze- 99
– Mehmet 47229 Behring- 14c
– Mehmet 47166 Gottlieb- 48
– Mehmet 47051 Oranien- 18
– Melina 47249 Kaiserswerther- 91b
– Meral 47053 Gitschiner- 91b
– Münevver 47166 Körner- 84
– Mukaddes 47226 Paul- 15
– Mustafa 47229 Behring- 14c
– Naile 47229 Walther-Rathenau-
Platz 4
– Nedim 47259 Am Seitenreich 5a
– Nigar 47169 Aldenrader- 46
– Rafi 47226 Olga- 5
– Safiye 47137 Wiesen- 77
– Semra 47229 Walther-Rathenau-
Platz 4
– Serdal 47279 Ulmenweg 1
– Sevilay 47279 Allensteiner Ring 24
– Sinan 47259 Am Seitenreich 23
– Susanne 47179 Garten- 8
– Ümran 47169 Otto- 33
– Ümüsülsüm 47229 Behring- 14c
– Ute 47259 Am Seitenreich 23
– Vahdettin 47169 Otto- 33
– Volkan 47229 Walther-Rathenau-
Platz 4
– Yüksel 47169 Wiesen- 77
– Zafer 47166 Körner- 85
– Zeynep 47249 Kaiserswerther- 91b
Yücesoy Ahmet 47279 Dr.-Wilhelm-
Roelen- 48
– Gülseren 47169 Wolf- 36
– Hayrettin 47169 Brunhilden- 20
– Hilal 47169 Wolf- 22
– Nevin 47169 Brunhilden- 20
– Tacettin 47169 Wolf- 22
– Zühal 47167 Kaiser-Friedrich- 230
Yüksel Ahmet 47229 Gravelotte- 3a
– Ali 47053 Diergardt- 33
– Ali 47137 Stein- 16
– Ali 47226 Werthauser- 82
– Avni 47137 Schmidt- 25
– Ayhan 47226 Werthauser- 82
– Ayse 47166 Gustav- 19
– Ayse 47137 Schmidt- 25
– Beyaz 47137 Sundgau- 25a
– Birsel 47137 Reinhold- 64
– Bülent 47259 Ungelsheimer- 64
– Cafer 47166 Gustav- 19
– Celin 47137 Schmidt- 25
– Cevat 47178 Oberusker- 16
– Cumali 47226 Werthauser- 82
– Ekrem 47053 Heer- 31
– Fatma 47055 Kultur- 36
– Fatma 47137 Volk- 37
– Fatma 47137 Auf dem Damm 117
– Fatma 47226 Ursula- 25
– Fehmi 47166 Gustav- 19
– Fehmi 47053 Sedan- 75
– Gülcan 47137 Gerrick- 2
– Gülhan 47226 Werthauser- 82
– Güller 47139 Karolinger- 28
Gewerbebetriebe/Dienstleister nach Namen – siehe gelber Teil	A-DU
